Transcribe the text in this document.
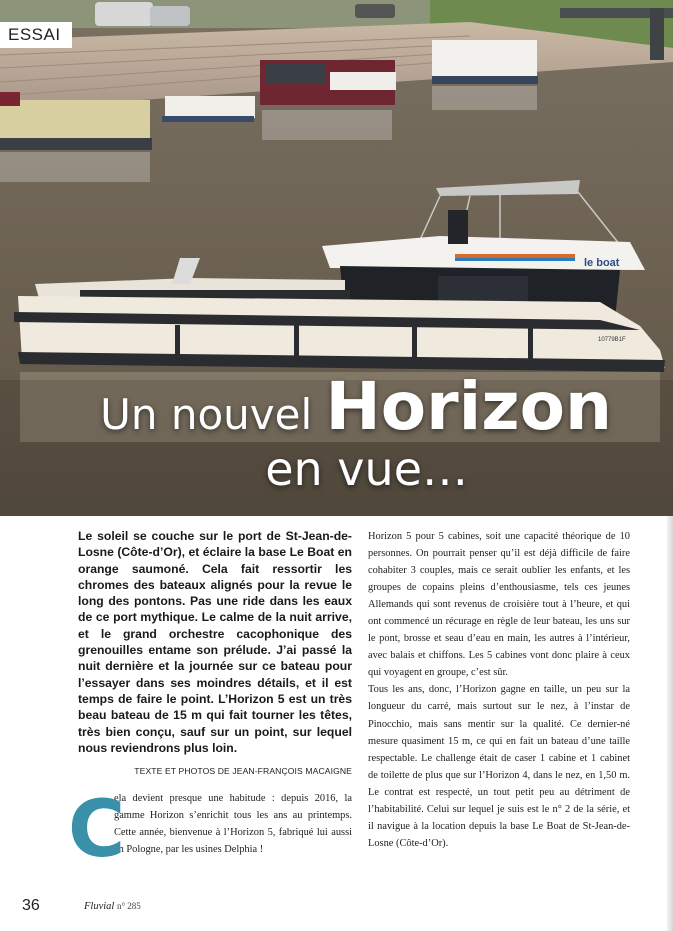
le boat
10779B1F
ESSAI
Un nouvel Horizon
en vue…

Le soleil se couche sur le port de St-Jean-de-Losne (Côte-d’Or), et éclaire la base Le Boat en orange saumoné. Cela fait ressortir les chromes des bateaux alignés pour la revue le long des pontons. Pas une ride dans les eaux de ce port mythique. Le calme de la nuit arrive, et le grand orchestre cacophonique des grenouilles entame son prélude. J’ai passé la nuit dernière et la journée sur ce bateau pour l’essayer dans ses moindres détails, et il est temps de faire le point. L’Horizon 5 est un très beau bateau de 15 m qui fait tourner les têtes, très bien conçu, sauf sur un point, sur lequel nous reviendrons plus loin.

TEXTE ET PHOTOS DE JEAN-FRANÇOIS MACAIGNE

C

ela devient presque une habitude : depuis 2016, la gamme Horizon s’enrichit tous les ans au printemps. Cette année, bienvenue à l’Horizon 5, fabriqué lui aussi en Pologne, par les usines Delphia !

Horizon 5 pour 5 cabines, soit une capacité théorique de 10 personnes. On pourrait penser qu’il est déjà difficile de faire cohabiter 3 couples, mais ce serait oublier les enfants, et les groupes de copains pleins d’enthousiasme, tels ces jeunes Allemands qui sont revenus de croisière tout à l’heure, et qui ont commencé un récurage en règle de leur bateau, les uns sur le pont, brosse et seau d’eau en main, les autres à l’intérieur, avec balais et chiffons. Les 5 cabines vont donc plaire à ceux qui voyagent en groupe, c’est sûr.

Tous les ans, donc, l’Horizon gagne en taille, un peu sur la longueur du carré, mais surtout sur le nez, à l’instar de Pinocchio, mais sans mentir sur la qualité. Ce dernier-né mesure quasiment 15 m, ce qui en fait un bateau d’une taille respectable. Le challenge était de caser 1 cabine et 1 cabinet de toilette de plus que sur l’Horizon 4, dans le nez, en 1,50 m. Le contrat est respecté, un tout petit peu au détriment de l’habitabilité. Celui sur lequel je suis est le n° 2 de la série, et il navigue à la location depuis la base Le Boat de St-Jean-de-Losne (Côte-d’Or).

36	Fluvial n° 285
